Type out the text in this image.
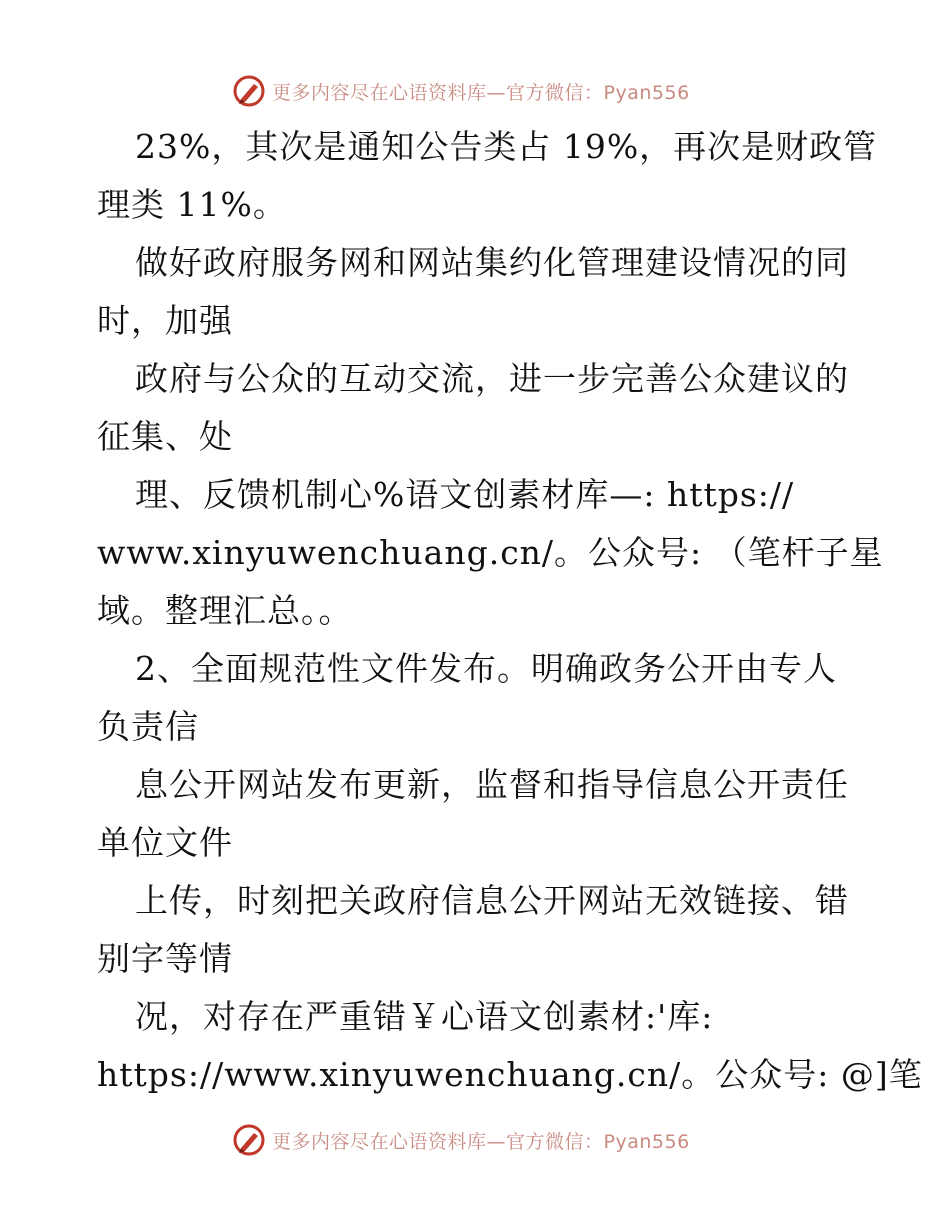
更多内容尽在心语资料库—官方微信：Pyan556
23%，其次是通知公告类占 19%，再次是财政管
理类 11%。
做好政府服务网和网站集约化管理建设情况的同
时，加强
政府与公众的互动交流，进一步完善公众建议的
征集、处
理、反馈机制心%语文创素材库—: https://
www.xinyuwenchuang.cn/。公众号: （笔杆子星
域。整理汇总。。
2、全面规范性文件发布。明确政务公开由专人
负责信
息公开网站发布更新，监督和指导信息公开责任
单位文件
上传，时刻把关政府信息公开网站无效链接、错
别字等情
况，对存在严重错￥心语文创素材:'库:
https://www.xinyuwenchuang.cn/。公众号: @]笔
更多内容尽在心语资料库—官方微信：Pyan556
